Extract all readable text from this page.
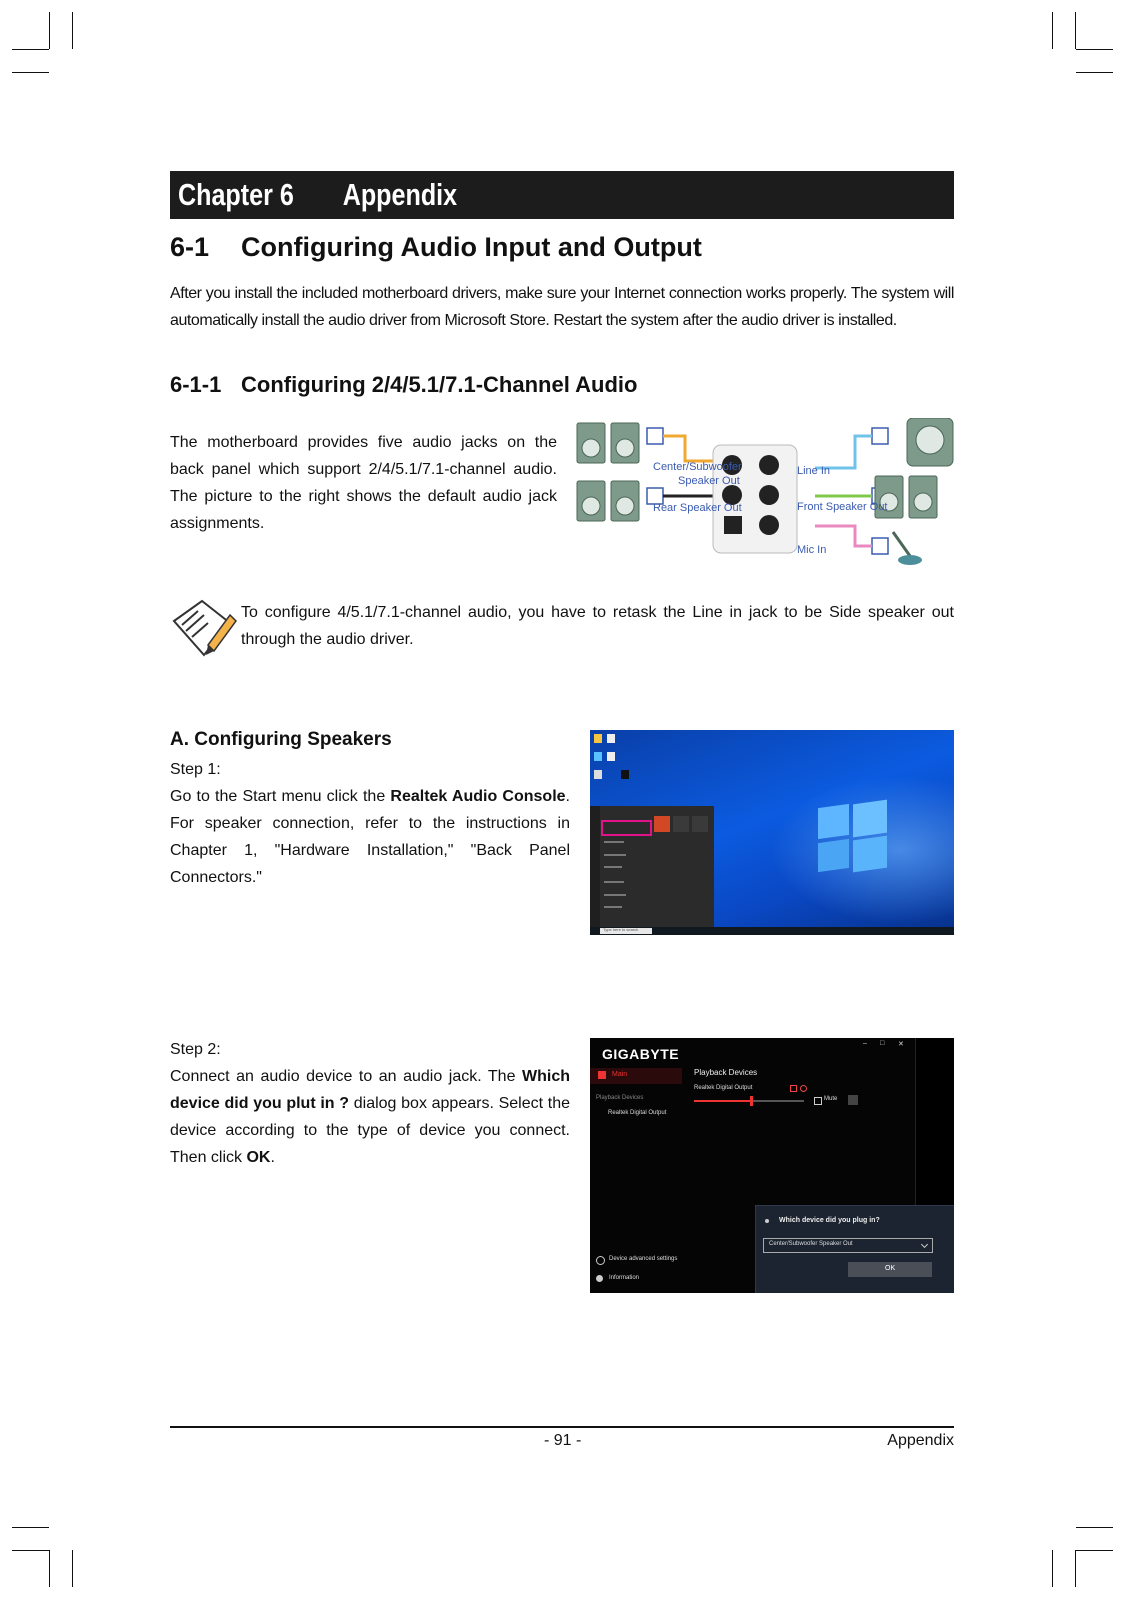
Chapter 6 Appendix
6-1 Configuring Audio Input and Output
After you install the included motherboard drivers, make sure your Internet connection works properly. The system will automatically install the audio driver from Microsoft Store. Restart the system after the audio driver is installed.
6-1-1 Configuring 2/4/5.1/7.1-Channel Audio
The motherboard provides five audio jacks on the back panel which support 2/4/5.1/7.1-channel audio. The picture to the right shows the default audio jack assignments.
Center/Subwoofer
Speaker Out
Rear Speaker Out
Line In
Front Speaker Out
Mic In
To configure 4/5.1/7.1-channel audio, you have to retask the Line in jack to be Side speaker out through the audio driver.
A. Configuring Speakers
Step 1:
Go to the Start menu click the Realtek Audio Console. For speaker connection, refer to the instructions in Chapter 1, "Hardware Installation," "Back Panel Connectors."
Type here to search
Step 2:
Connect an audio device to an audio jack. The Which device did you plut in ? dialog box appears. Select the device according to the type of device you connect. Then click OK.
GIGABYTE
– □ ✕
Main
Playback Devices
Realtek Digital Output
Playback Devices
Realtek Digital Output
Mute
Device advanced settings
Information
Which device did you plug in?
Center/Subwoofer Speaker Out
OK
- 91 -	Appendix
